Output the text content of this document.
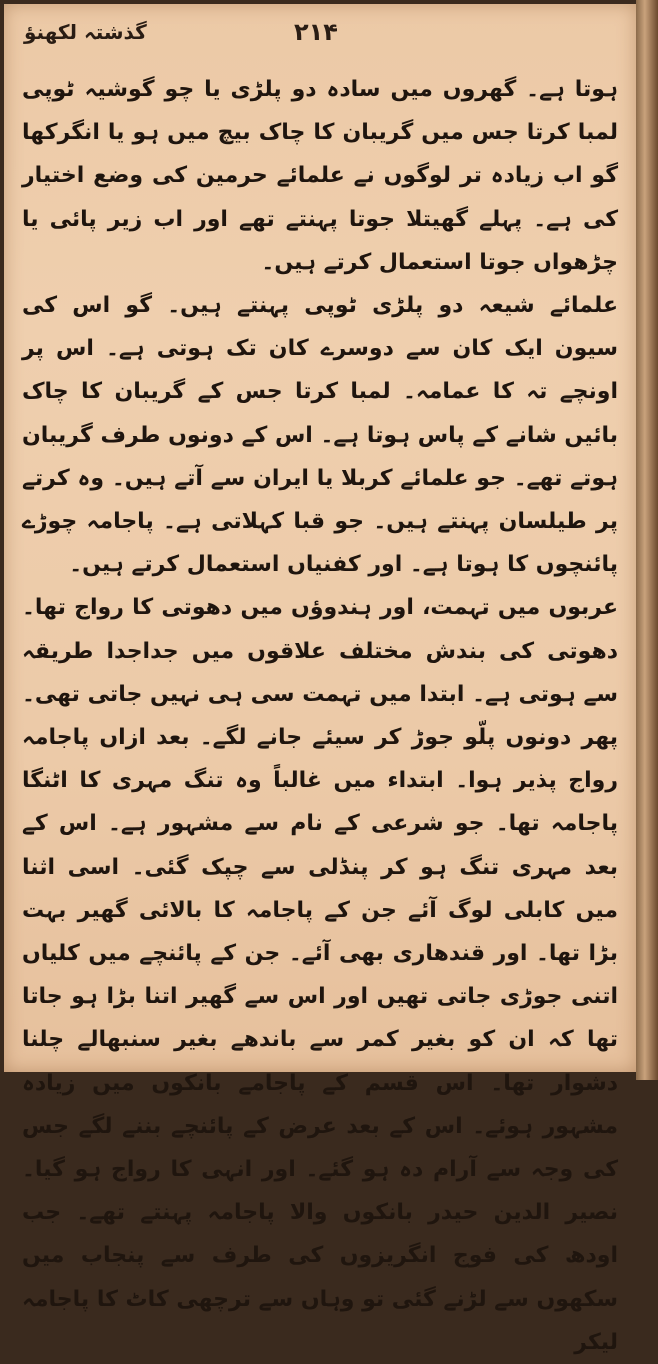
گذشتہ لکھنؤ	۲۱۴

ہوتا ہے۔ گھروں میں سادہ دو پلڑی یا چو گوشیہ ٹوپی لمبا کرتا جس میں گریبان کا چاک بیچ میں ہو یا انگرکھا گو اب زیادہ تر لوگوں نے علمائے حرمین کی وضع اختیار کی ہے۔ پہلے گھیتلا جوتا پہنتے تھے اور اب زیر پائی یا چڑھواں جوتا استعمال کرتے ہیں۔

علمائے شیعہ دو پلڑی ٹوپی پہنتے ہیں۔ گو اس کی سیون ایک کان سے دوسرے کان تک ہوتی ہے۔ اس پر اونچے تہ کا عمامہ۔ لمبا کرتا جس کے گریبان کا چاک بائیں شانے کے پاس ہوتا ہے۔ اس کے دونوں طرف گریبان ہوتے تھے۔ جو علمائے کربلا یا ایران سے آتے ہیں۔ وہ کرتے پر طیلسان پہنتے ہیں۔ جو قبا کہلاتی ہے۔ پاجامہ چوڑے پائنچوں کا ہوتا ہے۔ اور کفنیاں استعمال کرتے ہیں۔

عربوں میں تہمت، اور ہندوؤں میں دھوتی کا رواج تھا۔ دھوتی کی بندش مختلف علاقوں میں جداجدا طریقہ سے ہوتی ہے۔ ابتدا میں تہمت سی ہی نہیں جاتی تھی۔ پھر دونوں پلّو جوڑ کر سیئے جانے لگے۔ بعد ازاں پاجامہ رواج پذیر ہوا۔ ابتداء میں غالباً وہ تنگ مہری کا اٹنگا پاجامہ تھا۔ جو شرعی کے نام سے مشہور ہے۔ اس کے بعد مہری تنگ ہو کر پنڈلی سے چپک گئی۔ اسی اثنا میں کابلی لوگ آئے جن کے پاجامہ کا بالائی گھیر بہت بڑا تھا۔ اور قندھاری بھی آئے۔ جن کے پائنچے میں کلیاں اتنی جوڑی جاتی تھیں اور اس سے گھیر اتنا بڑا ہو جاتا تھا کہ ان کو بغیر کمر سے باندھے بغیر سنبھالے چلنا دشوار تھا۔ اس قسم کے پاجامے بانکوں میں زیادہ مشہور ہوئے۔ اس کے بعد عرض کے پائنچے بننے لگے جس کی وجہ سے آرام دہ ہو گئے۔ اور انہی کا رواج ہو گیا۔ نصیر الدین حیدر بانکوں والا پاجامہ پہنتے تھے۔ جب اودھ کی فوج انگریزوں کی طرف سے پنجاب میں سکھوں سے لڑنے گئی تو وہاں سے ترچھی کاٹ کا پاجامہ لیکر
